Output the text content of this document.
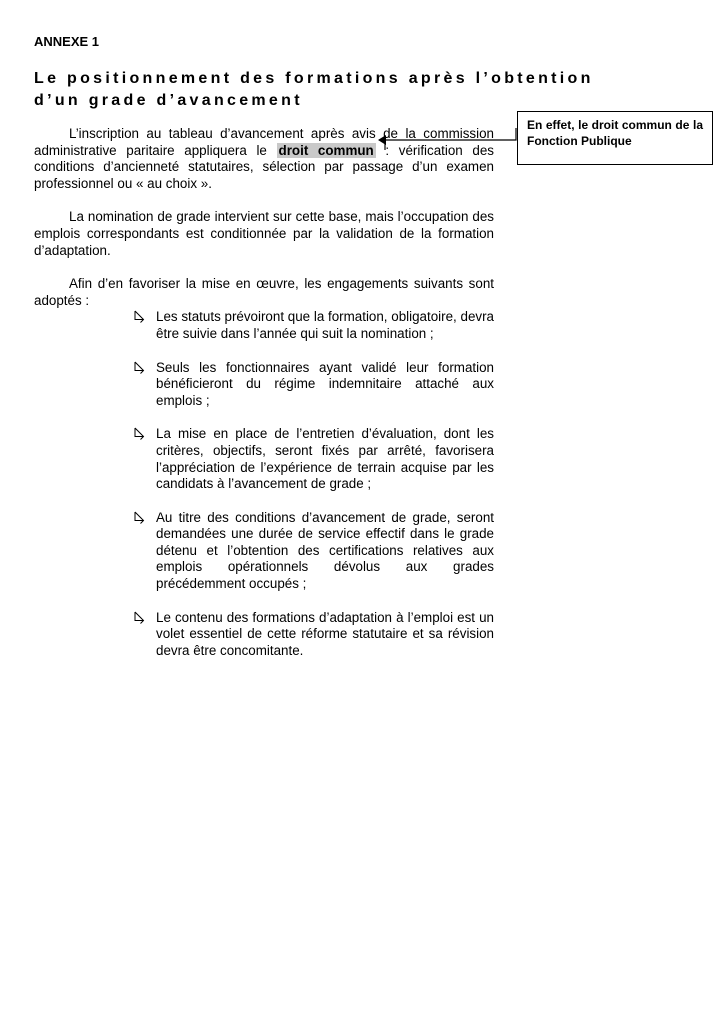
ANNEXE 1
Le positionnement des formations après l’obtention d’un grade d’avancement
En effet, le droit commun de la Fonction Publique

L’inscription au tableau d’avancement après avis de la commission administrative paritaire appliquera le droit commun : vérification des conditions d’ancienneté statutaires, sélection par passage d’un examen professionnel ou « au choix ».

La nomination de grade intervient sur cette base, mais l’occupation des emplois correspondants est conditionnée par la validation de la formation d’adaptation.

Afin d’en favoriser la mise en œuvre, les engagements suivants sont adoptés :

Les statuts prévoiront que la formation, obligatoire, devra être suivie dans l’année qui suit la nomination ;
Seuls les fonctionnaires ayant validé leur formation bénéficieront du régime indemnitaire attaché aux emplois ;
La mise en place de l’entretien d’évaluation, dont les critères, objectifs, seront fixés par arrêté, favorisera l’appréciation de l’expérience de terrain acquise par les candidats à l’avancement de grade ;
Au titre des conditions d’avancement de grade, seront demandées une durée de service effectif dans le grade détenu et l’obtention des certifications relatives aux emplois opérationnels dévolus aux grades précédemment occupés ;
Le contenu des formations d’adaptation à l’emploi est un volet essentiel de cette réforme statutaire et sa révision devra être concomitante.
